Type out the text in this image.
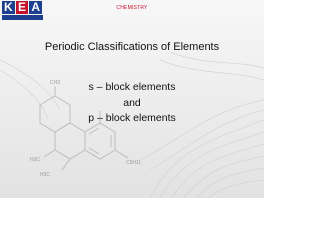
CH3
H3C
H3C
C5H11
K E A	CHEMISTRY
Periodic Classifications of Elements
s – block elements
and
p – block elements
